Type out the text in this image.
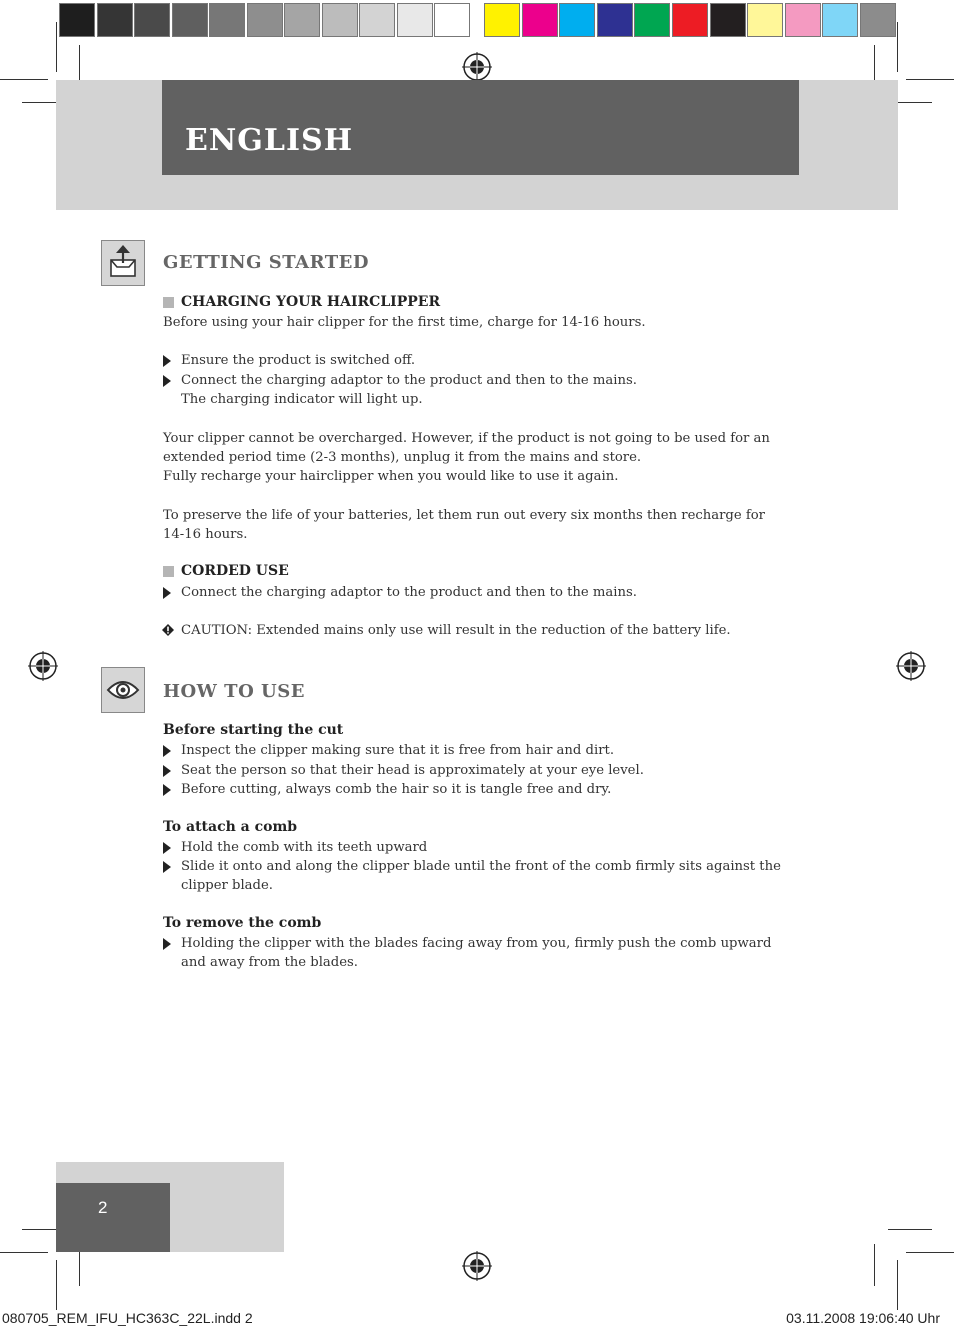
ENGLISH
GETTING STARTED
CHARGING YOUR HAIRCLIPPER
Before using your hair clipper for the first time, charge for 14-16 hours.
Ensure the product is switched off.
Connect the charging adaptor to the product and then to the mains.
The charging indicator will light up.
Your clipper cannot be overcharged. However, if the product is not going to be used for an
extended period time (2-3 months), unplug it from the mains and store.
Fully recharge your hairclipper when you would like to use it again.
To preserve the life of your batteries, let them run out every six months then recharge for
14-16 hours.
CORDED USE
Connect the charging adaptor to the product and then to the mains.
CAUTION: Extended mains only use will result in the reduction of the battery life.
HOW TO USE
Before starting the cut
Inspect the clipper making sure that it is free from hair and dirt.
Seat the person so that their head is approximately at your eye level.
Before cutting, always comb the hair so it is tangle free and dry.
To attach a comb
Hold the comb with its teeth upward
Slide it onto and along the clipper blade until the front of the comb firmly sits against the
clipper blade.
To remove the comb
Holding the clipper with the blades facing away from you, firmly push the comb upward
and away from the blades.
2
080705_REM_IFU_HC363C_22L.indd 2	03.11.2008 19:06:40 Uhr
